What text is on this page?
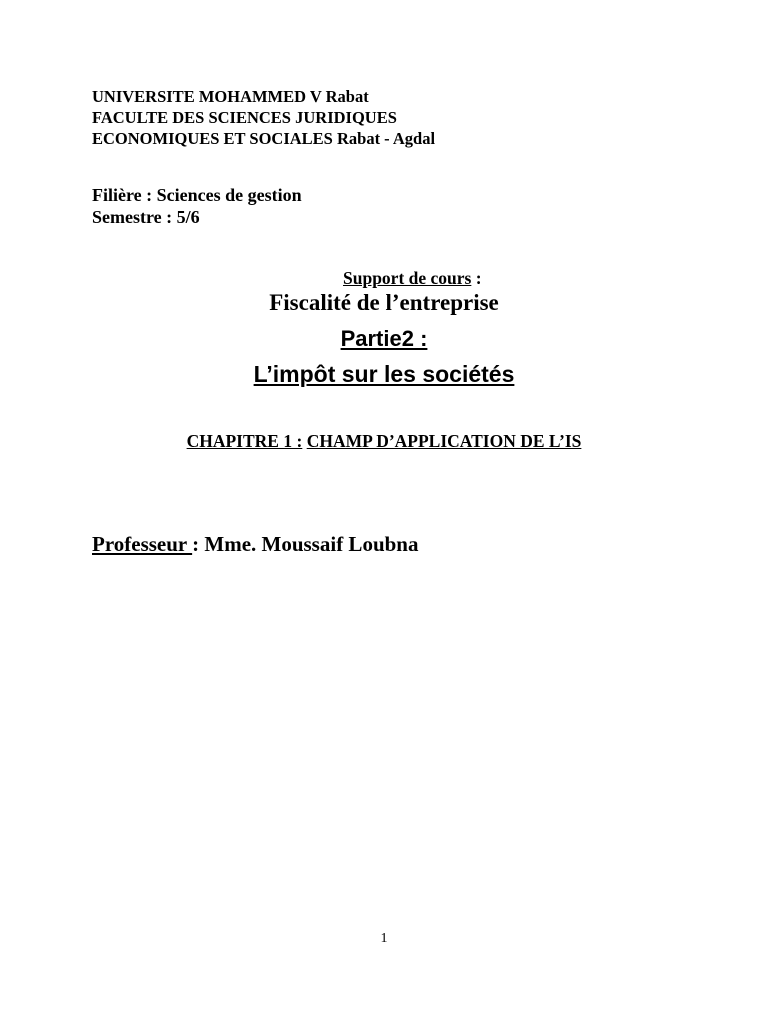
UNIVERSITE MOHAMMED V Rabat
FACULTE DES SCIENCES JURIDIQUES
ECONOMIQUES ET SOCIALES Rabat - Agdal
Filière : Sciences de gestion
Semestre : 5/6
Support de cours :
Fiscalité de l’entreprise
Partie2 :
L’impôt sur les sociétés
CHAPITRE 1 : CHAMP D’APPLICATION DE L’IS
Professeur : Mme. Moussaif Loubna
1
